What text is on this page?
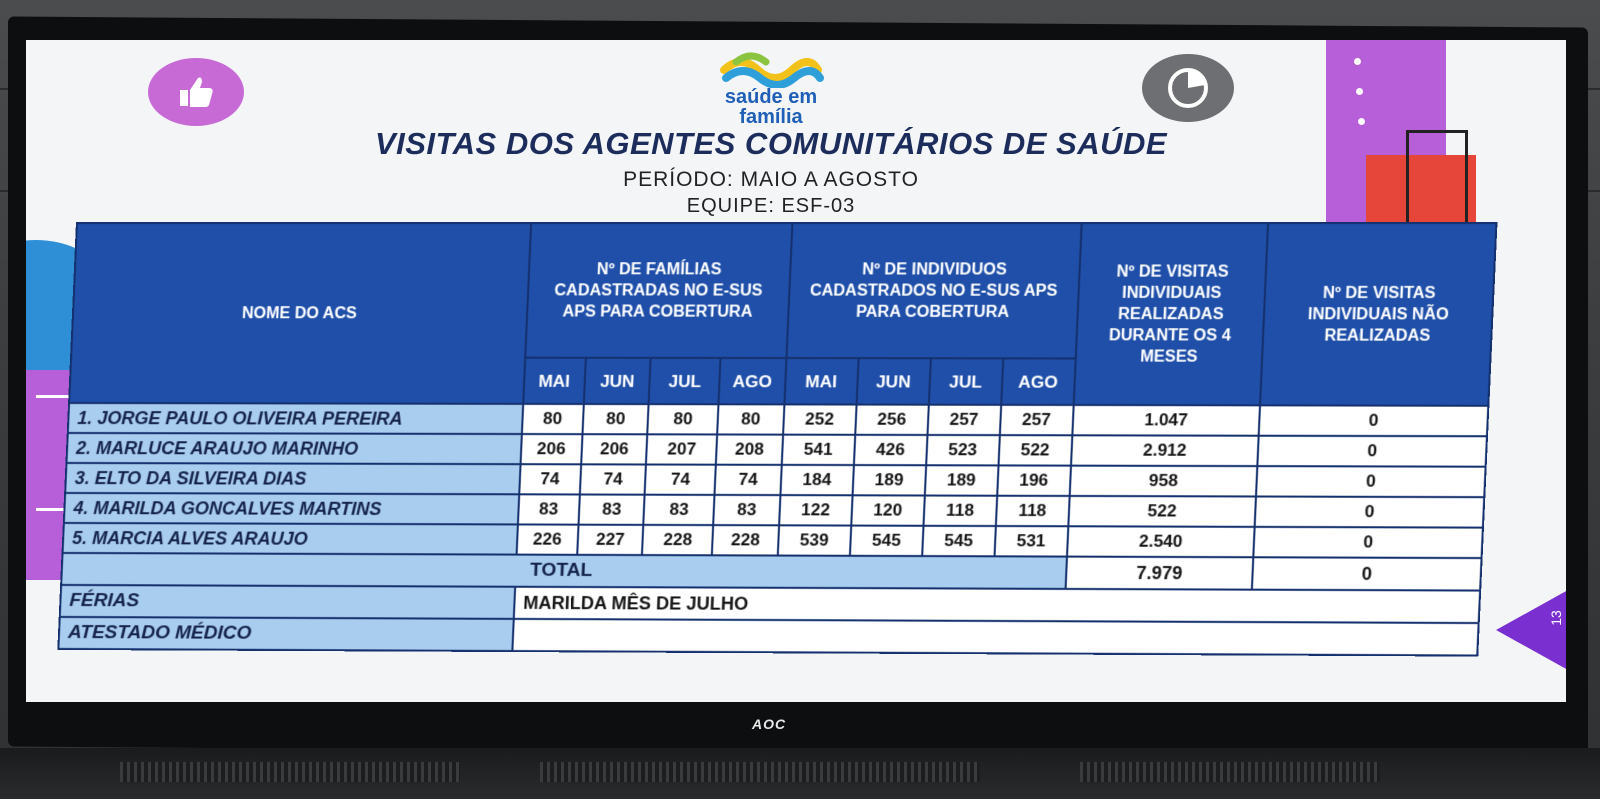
AOC
13
saúde em
família
VISITAS DOS AGENTES COMUNITÁRIOS DE SAÚDE
PERÍODO: MAIO A AGOSTO
EQUIPE: ESF-03
NOME DO ACS	Nº DE FAMÍLIAS CADASTRADAS NO E-SUS APS PARA COBERTURA				Nº DE INDIVIDUOS CADASTRADOS NO E-SUS APS PARA COBERTURA				Nº DE VISITAS INDIVIDUAIS REALIZADAS DURANTE OS 4 MESES	Nº DE VISITAS INDIVIDUAIS NÃO REALIZADAS
	MAI	JUN	JUL	AGO	MAI	JUN	JUL	AGO		
1. JORGE PAULO OLIVEIRA PEREIRA	80	80	80	80	252	256	257	257	1.047	0
2. MARLUCE ARAUJO MARINHO	206	206	207	208	541	426	523	522	2.912	0
3. ELTO DA SILVEIRA DIAS	74	74	74	74	184	189	189	196	958	0
4. MARILDA GONCALVES MARTINS	83	83	83	83	122	120	118	118	522	0
5. MARCIA ALVES ARAUJO	226	227	228	228	539	545	545	531	2.540	0
TOTAL									7.979	0
FÉRIAS	MARILDA MÊS DE JULHO									
ATESTADO MÉDICO										
